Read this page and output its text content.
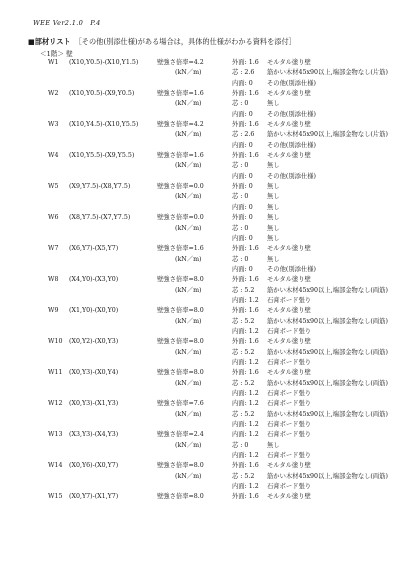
WEE Ver2.1.0 P.4
■部材リスト ［その他(別添仕様)がある場合は，具体的仕様がわかる資料を添付］
＜1階＞ 壁
W1 (X10,Y0.5)-(X10,Y1.5)	壁強さ倍率=4.2	外面: 1.6 モルタル塗り壁
(kN／m)	芯 : 2.6 筋かい木材45x90以上,端部金物なし(片筋)
内面: 0 その他(別添仕様)
W2 (X10,Y0.5)-(X9,Y0.5)	壁強さ倍率=1.6	外面: 1.6 モルタル塗り壁
(kN／m)	芯 : 0	無し
内面: 0 その他(別添仕様)
W3 (X10,Y4.5)-(X10,Y5.5)	壁強さ倍率=4.2	外面: 1.6 モルタル塗り壁
(kN／m)	芯 : 2.6 筋かい木材45x90以上,端部金物なし(片筋)
内面: 0 その他(別添仕様)
W4 (X10,Y5.5)-(X9,Y5.5)	壁強さ倍率=1.6	外面: 1.6 モルタル塗り壁
(kN／m)	芯 : 0	無し
内面: 0 その他(別添仕様)
W5 (X9,Y7.5)-(X8,Y7.5)	壁強さ倍率=0.0	外面: 0 無し
(kN／m)	芯 : 0	無し
内面: 0 無し
W6 (X8,Y7.5)-(X7,Y7.5)	壁強さ倍率=0.0	外面: 0 無し
(kN／m)	芯 : 0	無し
内面: 0 無し
W7 (X6,Y7)-(X5,Y7)	壁強さ倍率=1.6	外面: 1.6 モルタル塗り壁
(kN／m)	芯 : 0	無し
内面: 0 その他(別添仕様)
W8 (X4,Y0)-(X3,Y0)	壁強さ倍率=8.0	外面: 1.6 モルタル塗り壁
(kN／m)	芯 : 5.2 筋かい木材45x90以上,端部金物なし(両筋)
内面: 1.2 石膏ボード張り
W9 (X1,Y0)-(X0,Y0)	壁強さ倍率=8.0	外面: 1.6 モルタル塗り壁
(kN／m)	芯 : 5.2 筋かい木材45x90以上,端部金物なし(両筋)
内面: 1.2 石膏ボード張り
W10 (X0,Y2)-(X0,Y3)	壁強さ倍率=8.0	外面: 1.6 モルタル塗り壁
(kN／m)	芯 : 5.2 筋かい木材45x90以上,端部金物なし(両筋)
内面: 1.2 石膏ボード張り
W11 (X0,Y3)-(X0,Y4)	壁強さ倍率=8.0	外面: 1.6 モルタル塗り壁
(kN／m)	芯 : 5.2 筋かい木材45x90以上,端部金物なし(両筋)
内面: 1.2 石膏ボード張り
W12 (X0,Y3)-(X1,Y3)	壁強さ倍率=7.6	内面: 1.2 石膏ボード張り
(kN／m)	芯 : 5.2 筋かい木材45x90以上,端部金物なし(両筋)
内面: 1.2 石膏ボード張り
W13 (X3,Y3)-(X4,Y3)	壁強さ倍率=2.4	内面: 1.2 石膏ボード張り
(kN／m)	芯 : 0	無し
内面: 1.2 石膏ボード張り
W14 (X0,Y6)-(X0,Y7)	壁強さ倍率=8.0	外面: 1.6 モルタル塗り壁
(kN／m)	芯 : 5.2 筋かい木材45x90以上,端部金物なし(両筋)
内面: 1.2 石膏ボード張り
W15 (X0,Y7)-(X1,Y7)	壁強さ倍率=8.0	外面: 1.6 モルタル塗り壁
